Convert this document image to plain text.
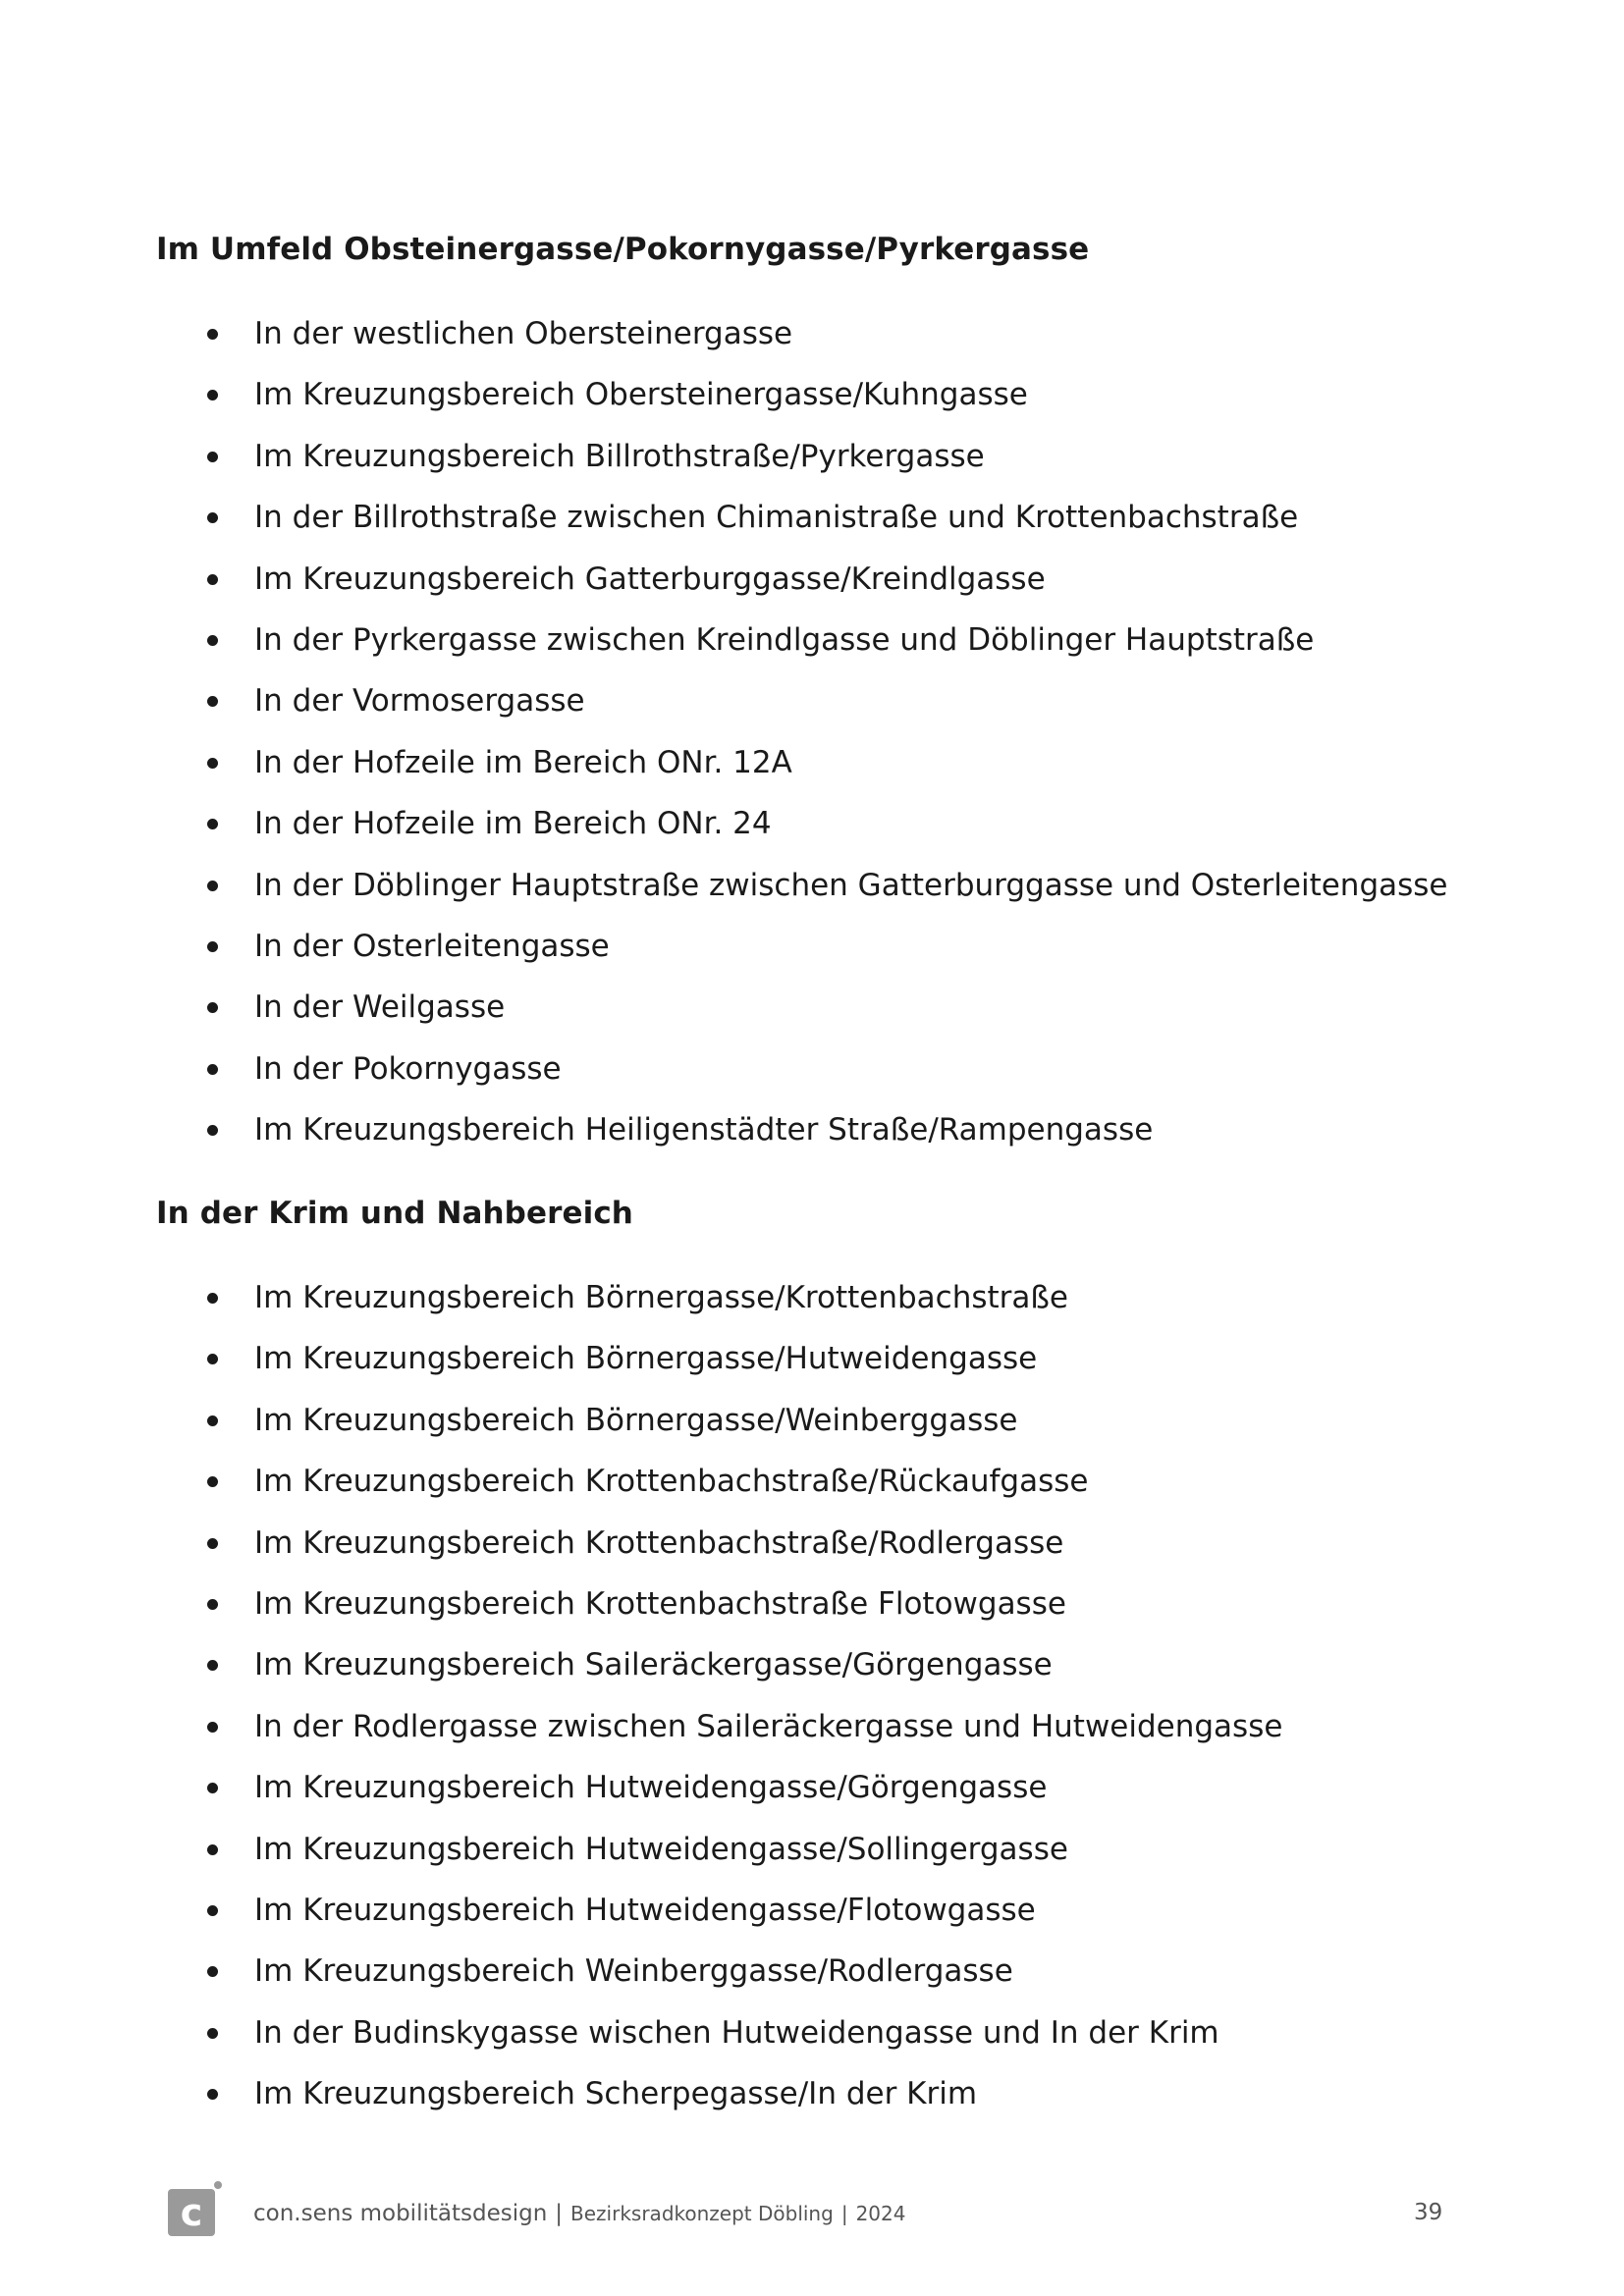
Im Umfeld Obsteinergasse/Pokornygasse/Pyrkergasse
In der westlichen Obersteinergasse
Im Kreuzungsbereich Obersteinergasse/Kuhngasse
Im Kreuzungsbereich Billrothstraße/Pyrkergasse
In der Billrothstraße zwischen Chimanistraße und Krottenbachstraße
Im Kreuzungsbereich Gatterburggasse/Kreindlgasse
In der Pyrkergasse zwischen Kreindlgasse und Döblinger Hauptstraße
In der Vormosergasse
In der Hofzeile im Bereich ONr. 12A
In der Hofzeile im Bereich ONr. 24
In der Döblinger Hauptstraße zwischen Gatterburggasse und Osterleitengasse
In der Osterleitengasse
In der Weilgasse
In der Pokornygasse
Im Kreuzungsbereich Heiligenstädter Straße/Rampengasse
In der Krim und Nahbereich
Im Kreuzungsbereich Börnergasse/Krottenbachstraße
Im Kreuzungsbereich Börnergasse/Hutweidengasse
Im Kreuzungsbereich Börnergasse/Weinberggasse
Im Kreuzungsbereich Krottenbachstraße/Rückaufgasse
Im Kreuzungsbereich Krottenbachstraße/Rodlergasse
Im Kreuzungsbereich Krottenbachstraße Flotowgasse
Im Kreuzungsbereich Saileräckergasse/Görgengasse
In der Rodlergasse zwischen Saileräckergasse und Hutweidengasse
Im Kreuzungsbereich Hutweidengasse/Görgengasse
Im Kreuzungsbereich Hutweidengasse/Sollingergasse
Im Kreuzungsbereich Hutweidengasse/Flotowgasse
Im Kreuzungsbereich Weinberggasse/Rodlergasse
In der Budinskygasse wischen Hutweidengasse und In der Krim
Im Kreuzungsbereich Scherpegasse/In der Krim
c	con.sens mobilitätsdesign | Bezirksradkonzept Döbling | 2024	39
